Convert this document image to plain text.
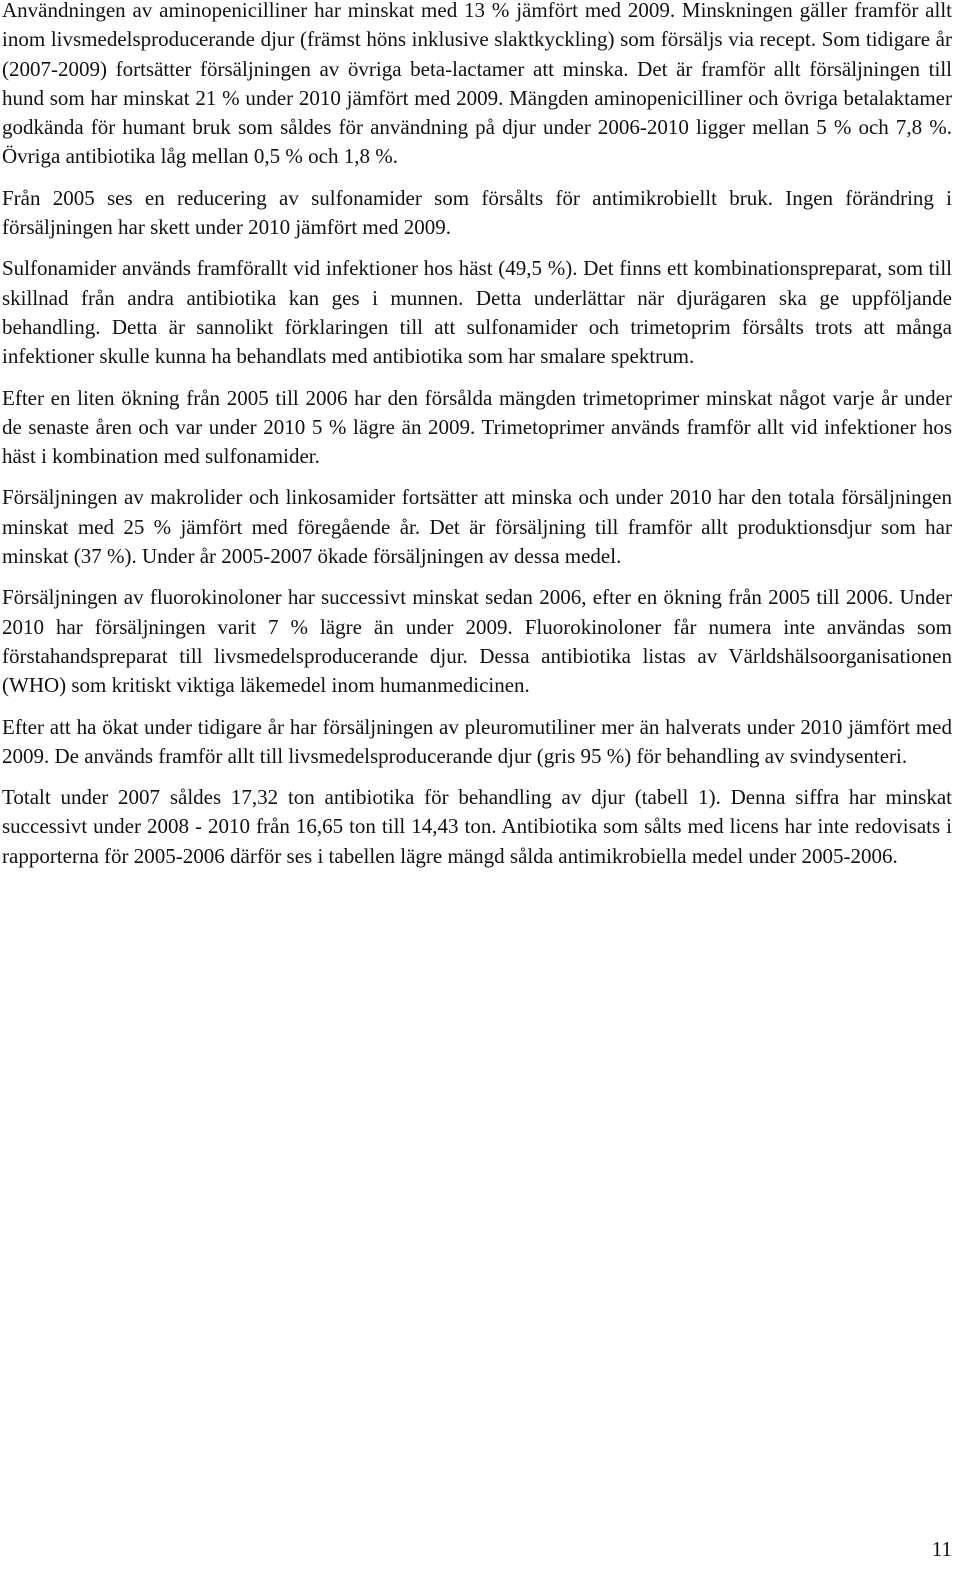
Användningen av aminopenicilliner har minskat med 13 % jämfört med 2009. Minskningen gäller framför allt inom livsmedelsproducerande djur (främst höns inklusive slaktkyckling) som försäljs via recept. Som tidigare år (2007-2009) fortsätter försäljningen av övriga beta-lactamer att minska. Det är framför allt försäljningen till hund som har minskat 21 % under 2010 jämfört med 2009. Mängden aminopenicilliner och övriga betalaktamer godkända för humant bruk som såldes för användning på djur under 2006-2010 ligger mellan 5 % och 7,8 %. Övriga antibiotika låg mellan 0,5 % och 1,8 %.

Från 2005 ses en reducering av sulfonamider som försålts för antimikrobiellt bruk. Ingen förändring i försäljningen har skett under 2010 jämfört med 2009.

Sulfonamider används framförallt vid infektioner hos häst (49,5 %). Det finns ett kombinationspreparat, som till skillnad från andra antibiotika kan ges i munnen. Detta underlättar när djurägaren ska ge uppföljande behandling. Detta är sannolikt förklaringen till att sulfonamider och trimetoprim försålts trots att många infektioner skulle kunna ha behandlats med antibiotika som har smalare spektrum.

Efter en liten ökning från 2005 till 2006 har den försålda mängden trimetoprimer minskat något varje år under de senaste åren och var under 2010 5 % lägre än 2009. Trimetoprimer används framför allt vid infektioner hos häst i kombination med sulfonamider.

Försäljningen av makrolider och linkosamider fortsätter att minska och under 2010 har den totala försäljningen minskat med 25 % jämfört med föregående år. Det är försäljning till framför allt produktionsdjur som har minskat (37 %). Under år 2005-2007 ökade försäljningen av dessa medel.

Försäljningen av fluorokinoloner har successivt minskat sedan 2006, efter en ökning från 2005 till 2006. Under 2010 har försäljningen varit 7 % lägre än under 2009. Fluorokinoloner får numera inte användas som förstahandspreparat till livsmedelsproducerande djur. Dessa antibiotika listas av Världshälsoorganisationen (WHO) som kritiskt viktiga läkemedel inom humanmedicinen.

Efter att ha ökat under tidigare år har försäljningen av pleuromutiliner mer än halverats under 2010 jämfört med 2009. De används framför allt till livsmedelsproducerande djur (gris 95 %) för behandling av svindysenteri.

Totalt under 2007 såldes 17,32 ton antibiotika för behandling av djur (tabell 1). Denna siffra har minskat successivt under 2008 - 2010 från 16,65 ton till 14,43 ton. Antibiotika som sålts med licens har inte redovisats i rapporterna för 2005-2006 därför ses i tabellen lägre mängd sålda antimikrobiella medel under 2005-2006.

11
